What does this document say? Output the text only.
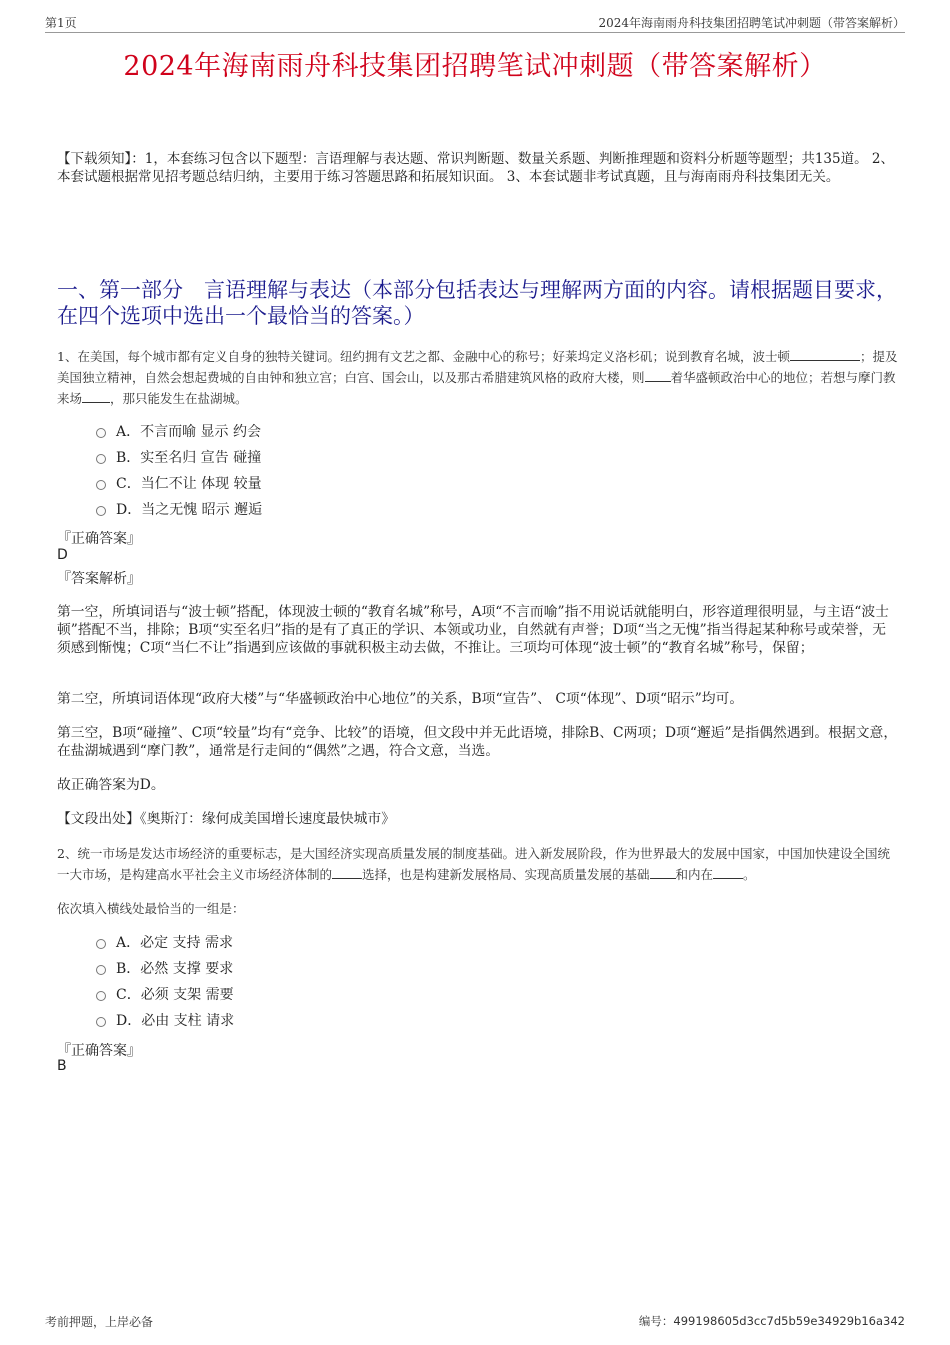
第1页	2024年海南雨舟科技集团招聘笔试冲刺题（带答案解析）
2024年海南雨舟科技集团招聘笔试冲刺题（带答案解析）

【下载须知】：1，本套练习包含以下题型：言语理解与表达题、常识判断题、数量关系题、判断推理题和资料分析题等题型；共135道。 2、本套试题根据常见招考题总结归纳，主要用于练习答题思路和拓展知识面。 3、本套试题非考试真题，且与海南雨舟科技集团无关。

一、第一部分　言语理解与表达（本部分包括表达与理解两方面的内容。请根据题目要求，在四个选项中选出一个最恰当的答案。）

1、在美国，每个城市都有定义自身的独特关键词。纽约拥有文艺之都、金融中心的称号；好莱坞定义洛杉矶；说到教育名城，波士顿	；提及美国独立精神，自然会想起费城的自由钟和独立宫；白宫、国会山，以及那古希腊建筑风格的政府大楼，则 着华盛顿政治中心的地位；若想与摩门教来场 ，那只能发生在盐湖城。

A．不言而喻 显示 约会
B．实至名归 宣告 碰撞
C．当仁不让 体现 较量
D．当之无愧 昭示 邂逅
『正确答案』
D
『答案解析』

第一空，所填词语与“波士顿”搭配，体现波士顿的“教育名城”称号，A项“不言而喻”指不用说话就能明白，形容道理很明显，与主语“波士顿”搭配不当，排除；B项“实至名归”指的是有了真正的学识、本领或功业，自然就有声誉；D项“当之无愧”指当得起某种称号或荣誉，无须感到惭愧；C项“当仁不让”指遇到应该做的事就积极主动去做，不推让。三项均可体现“波士顿”的“教育名城”称号，保留；

第二空，所填词语体现“政府大楼”与“华盛顿政治中心地位”的关系，B项“宣告”、 C项“体现”、D项“昭示”均可。

第三空，B项“碰撞”、C项“较量”均有“竞争、比较”的语境，但文段中并无此语境，排除B、C两项；D项“邂逅”是指偶然遇到。根据文意，在盐湖城遇到“摩门教”，通常是行走间的“偶然”之遇，符合文意，当选。

故正确答案为D。

【文段出处】《奥斯汀：缘何成美国增长速度最快城市》

2、统一市场是发达市场经济的重要标志，是大国经济实现高质量发展的制度基础。进入新发展阶段，作为世界最大的发展中国家，中国加快建设全国统一大市场，是构建高水平社会主义市场经济体制的 选择，也是构建新发展格局、实现高质量发展的基础 和内在 。

依次填入横线处最恰当的一组是：

A．必定 支持 需求
B．必然 支撑 要求
C．必须 支架 需要
D．必由 支柱 请求
『正确答案』
B
考前押题，上岸必备	编号：499198605d3cc7d5b59e34929b16a342
